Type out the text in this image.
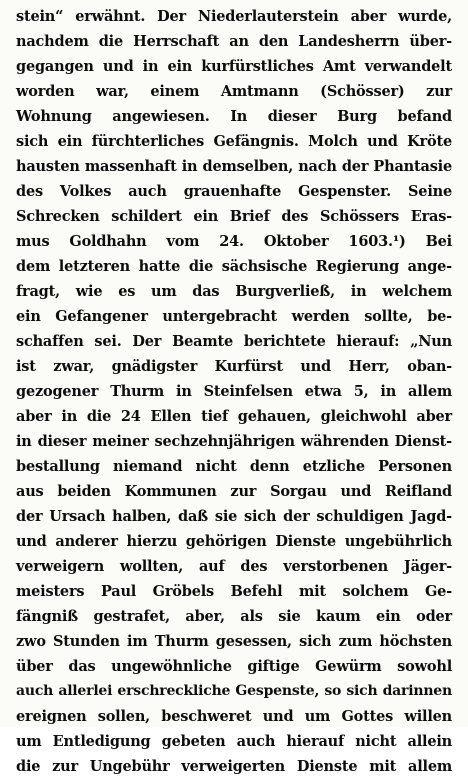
stein“ erwähnt. Der Niederlauterstein aber wurde,
nachdem die Herrschaft an den Landesherrn über-
gegangen und in ein kurfürstliches Amt verwandelt
worden war, einem Amtmann (Schösser) zur
Wohnung angewiesen. In dieser Burg befand
sich ein fürchterliches Gefängnis. Molch und Kröte
hausten massenhaft in demselben, nach der Phantasie
des Volkes auch grauenhafte Gespenster. Seine
Schrecken schildert ein Brief des Schössers Eras-
mus Goldhahn vom 24. Oktober 1603.¹) Bei
dem letzteren hatte die sächsische Regierung ange-
fragt, wie es um das Burgverließ, in welchem
ein Gefangener untergebracht werden sollte, be-
schaffen sei. Der Beamte berichtete hierauf: „Nun
ist zwar, gnädigster Kurfürst und Herr, oban-
gezogener Thurm in Steinfelsen etwa 5, in allem
aber in die 24 Ellen tief gehauen, gleichwohl aber
in dieser meiner sechzehnjährigen währenden Dienst-
bestallung niemand nicht denn etzliche Personen
aus beiden Kommunen zur Sorgau und Reifland
der Ursach halben, daß sie sich der schuldigen Jagd-
und anderer hierzu gehörigen Dienste ungebührlich
verweigern wollten, auf des verstorbenen Jäger-
meisters Paul Gröbels Befehl mit solchem Ge-
fängniß gestrafet, aber, als sie kaum ein oder
zwo Stunden im Thurm gesessen, sich zum höchsten
über das ungewöhnliche giftige Gewürm sowohl
auch allerlei erschreckliche Gespenste, so sich darinnen
ereignen sollen, beschweret und um Gottes willen
um Entledigung gebeten auch hierauf nicht allein
die zur Ungebühr verweigerten Dienste mit allem
